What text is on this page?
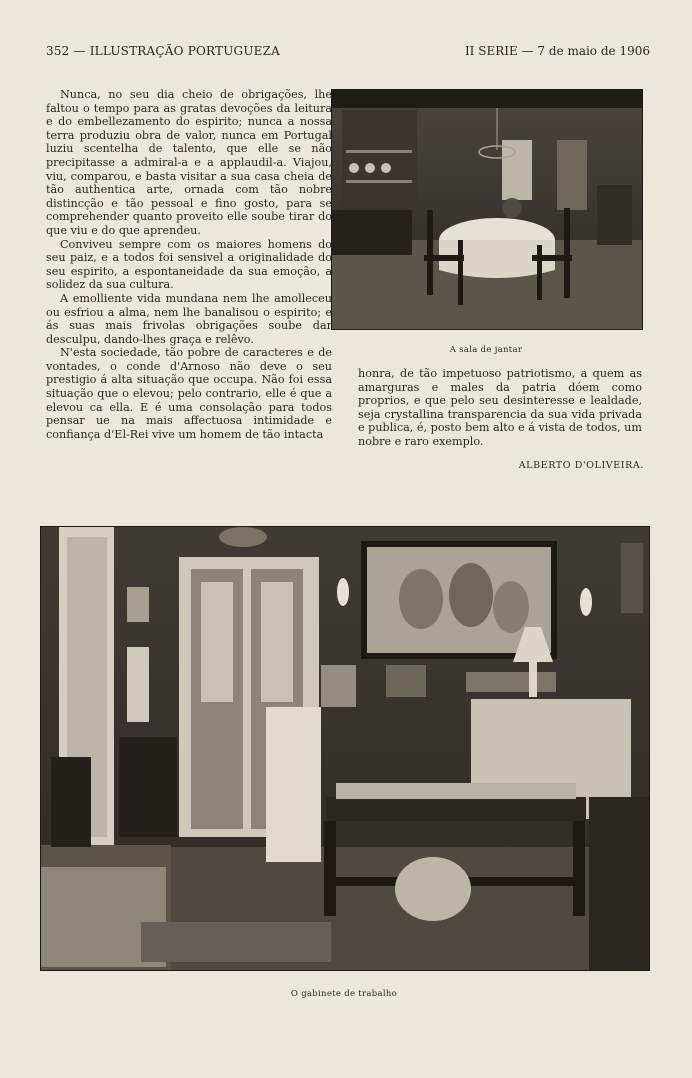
352 — ILLUSTRAÇÃO PORTUGUEZA	II SERIE — 7 de maio de 1906

Nunca, no seu dia cheio de obrigações, lhe faltou o tempo para as gratas devoções da leitura e do embellezamento do espirito; nunca a nossa terra produziu obra de valor, nunca em Portugal luziu scentelha de talento, que elle se não precipitasse a admiral-a e a applaudil-a. Viajou, viu, comparou, e basta visitar a sua casa cheia de tão authentica arte, ornada com tão nobre distincção e tão pessoal e fino gosto, para se comprehender quanto proveito elle soube tirar do que viu e do que aprendeu.

Conviveu sempre com os maiores homens do seu paiz, e a todos foi sensivel a originalidade do seu espirito, a espontaneidade da sua emoção, a solidez da sua cultura.

A emolliente vida mundana nem lhe amolleceu ou esfriou a alma, nem lhe banalisou o espirito; e ás suas mais frivolas obrigações soube dar desculpu, dando-lhes graça e relêvo.

N'esta sociedade, tão pobre de caracteres e de vontades, o conde d'Arnoso não deve o seu prestigio á alta situação que occupa. Não foi essa situação que o elevou; pelo contrario, elle é que a elevou ca ella. E é uma consolação para todos pensar ue na mais affectuosa intimidade e confiança d'El-Rei vive um homem de tão intacta

A sala de jantar

honra, de tão impetuoso patriotismo, a quem as amarguras e males da patria dóem como proprios, e que pelo seu desinteresse e lealdade, seja crystallina transparencia da sua vida privada e publica, é, posto bem alto e á vista de todos, um nobre e raro exemplo.

ALBERTO D'OLIVEIRA.
O gabinete de trabalho
